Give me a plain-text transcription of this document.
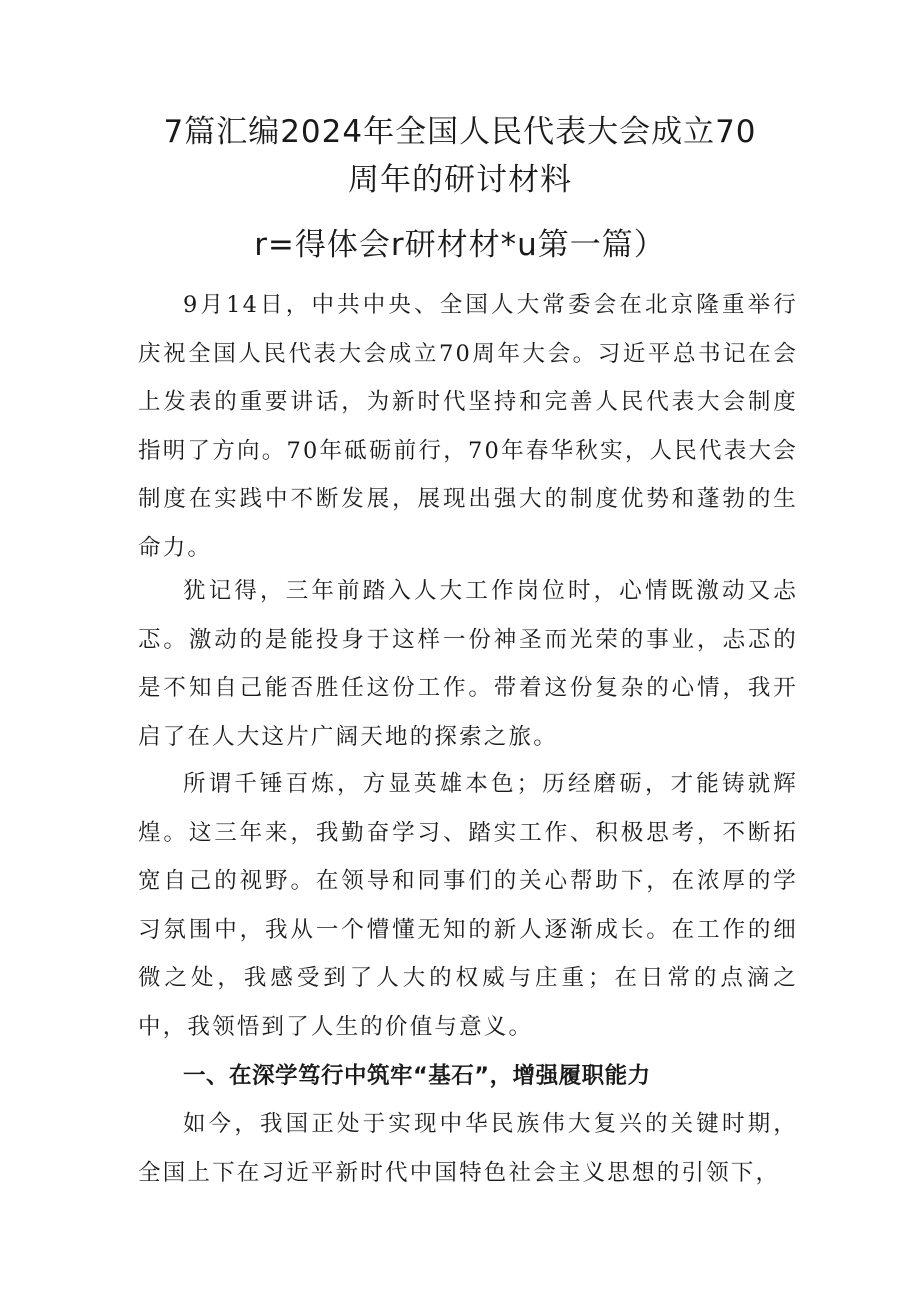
7篇汇编2024年全国人民代表大会成立70
周年的研讨材料
r=得体会r研材材*u第一篇）

9月14日，中共中央、全国人大常委会在北京隆重举行庆祝全国人民代表大会成立70周年大会。习近平总书记在会上发表的重要讲话，为新时代坚持和完善人民代表大会制度指明了方向。70年砥砺前行，70年春华秋实，人民代表大会制度在实践中不断发展，展现出强大的制度优势和蓬勃的生命力。

犹记得，三年前踏入人大工作岗位时，心情既激动又忐忑。激动的是能投身于这样一份神圣而光荣的事业，忐忑的是不知自己能否胜任这份工作。带着这份复杂的心情，我开启了在人大这片广阔天地的探索之旅。

所谓千锤百炼，方显英雄本色；历经磨砺，才能铸就辉煌。这三年来，我勤奋学习、踏实工作、积极思考，不断拓宽自己的视野。在领导和同事们的关心帮助下，在浓厚的学习氛围中，我从一个懵懂无知的新人逐渐成长。在工作的细微之处，我感受到了人大的权威与庄重；在日常的点滴之中，我领悟到了人生的价值与意义。

一、在深学笃行中筑牢“基石”，增强履职能力

如今，我国正处于实现中华民族伟大复兴的关键时期，全国上下在习近平新时代中国特色社会主义思想的引领下，
